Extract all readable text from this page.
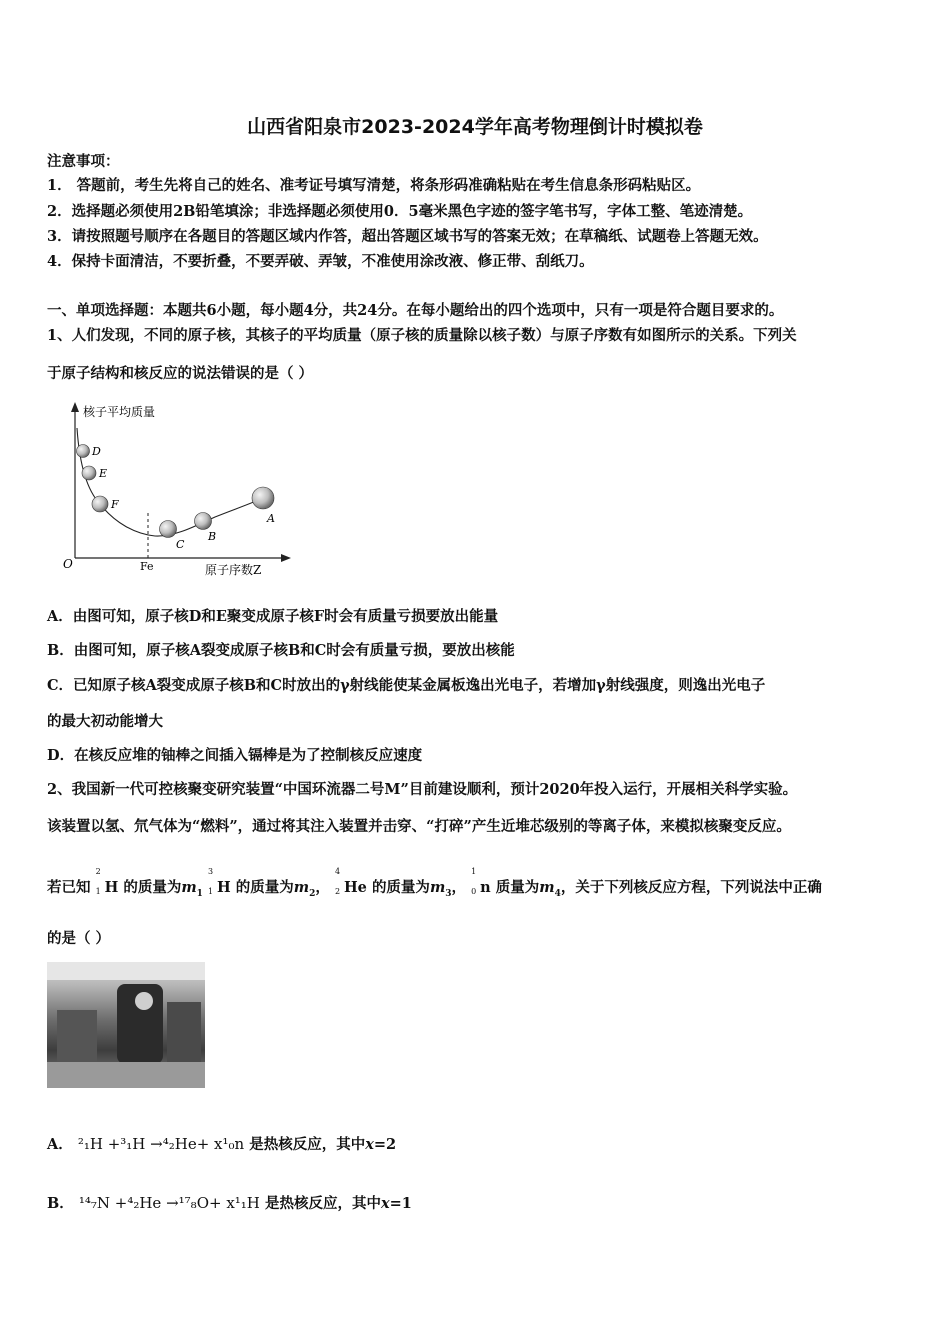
山西省阳泉市2023-2024学年高考物理倒计时模拟卷
注意事项：
1． 答题前，考生先将自己的姓名、准考证号填写清楚，将条形码准确粘贴在考生信息条形码粘贴区。
2．选择题必须使用2B铅笔填涂；非选择题必须使用0．5毫米黑色字迹的签字笔书写，字体工整、笔迹清楚。
3．请按照题号顺序在各题目的答题区域内作答，超出答题区域书写的答案无效；在草稿纸、试题卷上答题无效。
4．保持卡面清洁，不要折叠，不要弄破、弄皱，不准使用涂改液、修正带、刮纸刀。
一、单项选择题：本题共6小题，每小题4分，共24分。在每小题给出的四个选项中，只有一项是符合题目要求的。
1、人们发现，不同的原子核，其核子的平均质量（原子核的质量除以核子数）与原子序数有如图所示的关系。下列关
于原子结构和核反应的说法错误的是（ ）
核子平均质量
原子序数Z
O	Fe
D
E
F
C
B
A
A．由图可知，原子核D和E聚变成原子核F时会有质量亏损要放出能量
B．由图可知，原子核A裂变成原子核B和C时会有质量亏损，要放出核能
C．已知原子核A裂变成原子核B和C时放出的γ射线能使某金属板逸出光电子，若增加γ射线强度，则逸出光电子
的最大初动能增大
D．在核反应堆的铀棒之间插入镉棒是为了控制核反应速度
2、我国新一代可控核聚变研究装置“中国环流器二号M”目前建设顺利，预计2020年投入运行，开展相关科学实验。
该装置以氢、氘气体为“燃料”，通过将其注入装置并击穿、“打碎”产生近堆芯级别的等离子体，来模拟核聚变反应。
若已知
2
1 H 的质量为$m_1$
3
1 H 的质量为$m_2$，
4
2 He 的质量为$m_3$，
1
0 n 质量为$m_4$，关于下列核反应方程，下列说法中正确
的是（ ）
A． ²₁H +³₁H →⁴₂He+ x¹₀n 是热核反应，其中x=2
B． ¹⁴₇N +⁴₂He →¹⁷₈O+ x¹₁H 是热核反应，其中x=1
